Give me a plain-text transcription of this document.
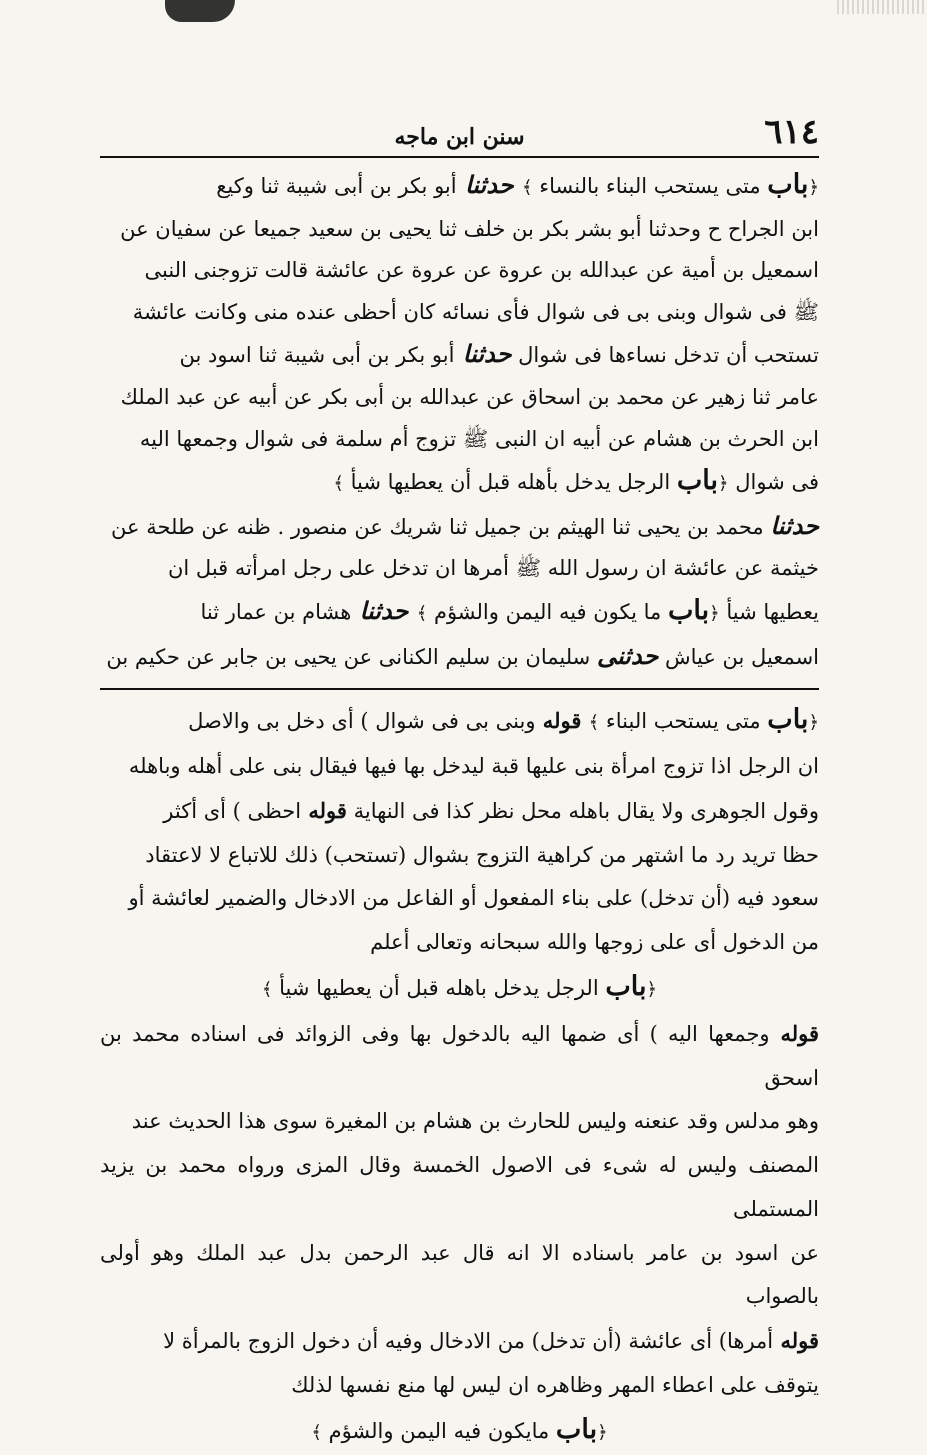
٦١٤
سنن ابن ماجه

﴿باب متى يستحب البناء بالنساء ﴾ حدثنا أبو بكر بن أبى شيبة ثنا وكيع

ابن الجراح ح وحدثنا أبو بشر بكر بن خلف ثنا يحيى بن سعيد جميعا عن سفيان عن

اسمعيل بن أمية عن عبدالله بن عروة عن عروة عن عائشة قالت تزوجنى النبى

ﷺ فى شوال وبنى بى فى شوال فأى نسائه كان أحظى عنده منى وكانت عائشة

تستحب أن تدخل نساءها فى شوال حدثنا أبو بكر بن أبى شيبة ثنا اسود بن

عامر ثنا زهير عن محمد بن اسحاق عن عبدالله بن أبى بكر عن أبيه عن عبد الملك

ابن الحرث بن هشام عن أبيه ان النبى ﷺ تزوج أم سلمة فى شوال وجمعها اليه

فى شوال ﴿باب الرجل يدخل بأهله قبل أن يعطيها شيأ ﴾

حدثنا محمد بن يحيى ثنا الهيثم بن جميل ثنا شريك عن منصور . ظنه عن طلحة عن

خيثمة عن عائشة ان رسول الله ﷺ أمرها ان تدخل على رجل امرأته قبل ان

يعطيها شيأ ﴿باب ما يكون فيه اليمن والشؤم ﴾ حدثنا هشام بن عمار ثنا

اسمعيل بن عياش حدثنى سليمان بن سليم الكنانى عن يحيى بن جابر عن حكيم بن

﴿باب متى يستحب البناء ﴾ قوله وبنى بى فى شوال ) أى دخل بى والاصل

ان الرجل اذا تزوج امرأة بنى عليها قبة ليدخل بها فيها فيقال بنى على أهله وباهله

وقول الجوهرى ولا يقال باهله محل نظر كذا فى النهاية قوله احظى ) أى أكثر

حظا تريد رد ما اشتهر من كراهية التزوج بشوال (تستحب) ذلك للاتباع لا لاعتقاد

سعود فيه (أن تدخل) على بناء المفعول أو الفاعل من الادخال والضمير لعائشة أو

من الدخول أى على زوجها والله سبحانه وتعالى أعلم

﴿باب الرجل يدخل باهله قبل أن يعطيها شيأ ﴾

قوله وجمعها اليه ) أى ضمها اليه بالدخول بها وفى الزوائد فى اسناده محمد بن اسحق

وهو مدلس وقد عنعنه وليس للحارث بن هشام بن المغيرة سوى هذا الحديث عند

المصنف وليس له شىء فى الاصول الخمسة وقال المزى ورواه محمد بن يزيد المستملى

عن اسود بن عامر باسناده الا انه قال عبد الرحمن بدل عبد الملك وهو أولى بالصواب

قوله أمرها) أى عائشة (أن تدخل) من الادخال وفيه أن دخول الزوج بالمرأة لا

يتوقف على اعطاء المهر وظاهره ان ليس لها منع نفسها لذلك

﴿باب مايكون فيه اليمن والشؤم ﴾
